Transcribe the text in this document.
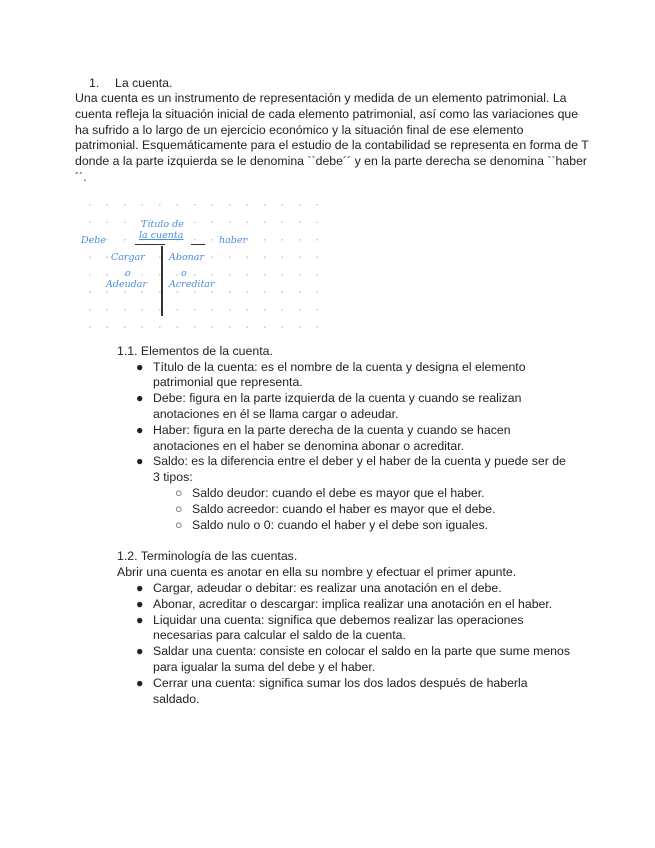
1. La cuenta.
Una cuenta es un instrumento de representación y medida de un elemento patrimonial. La cuenta refleja la situación inicial de cada elemento patrimonial, así como las variaciones que ha sufrido a lo largo de un ejercicio económico y la situación final de ese elemento patrimonial. Esquemáticamente para el estudio de la contabilidad se representa en forma de T donde a la parte izquierda se le denomina ``debe´´ y en la parte derecha se denomina ``haber´´.
Debe
Título de
la cuenta	haber
Cargar
o
Adeudar
Abonar
o
Acreditar
1.1. Elementos de la cuenta.
● Título de la cuenta: es el nombre de la cuenta y designa el elemento patrimonial que representa.
● Debe: figura en la parte izquierda de la cuenta y cuando se realizan anotaciones en él se llama cargar o adeudar.
● Haber: figura en la parte derecha de la cuenta y cuando se hacen anotaciones en el haber se denomina abonar o acreditar.
● Saldo: es la diferencia entre el deber y el haber de la cuenta y puede ser de 3 tipos:
○ Saldo deudor: cuando el debe es mayor que el haber.
○ Saldo acreedor: cuando el haber es mayor que el debe.
○ Saldo nulo o 0: cuando el haber y el debe son iguales.
1.2. Terminología de las cuentas.
Abrir una cuenta es anotar en ella su nombre y efectuar el primer apunte.
● Cargar, adeudar o debitar: es realizar una anotación en el debe.
● Abonar, acreditar o descargar: implica realizar una anotación en el haber.
● Liquidar una cuenta: significa que debemos realizar las operaciones necesarias para calcular el saldo de la cuenta.
● Saldar una cuenta: consiste en colocar el saldo en la parte que sume menos para igualar la suma del debe y el haber.
● Cerrar una cuenta: significa sumar los dos lados después de haberla saldado.
